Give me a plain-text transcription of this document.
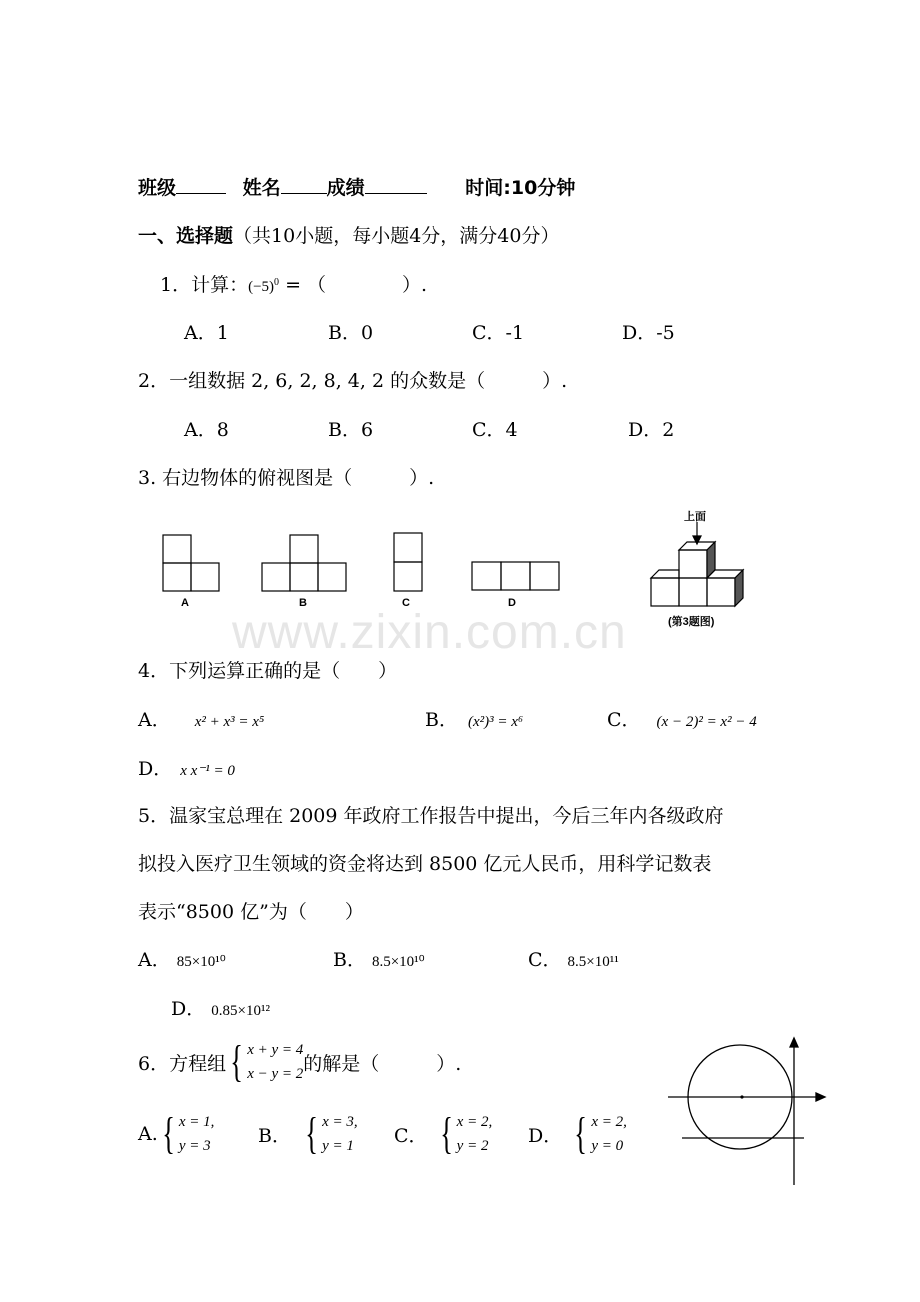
www.zixin.com.cn
班级	姓名 成绩	时间:10分钟
一、选择题（共10小题，每小题4分，满分40分）
1．计算：$(-5)^0$ = （　　　　）.
A．1	B．0	C．-1	D．-5
2．一组数据 2, 6, 2, 8, 4, 2 的众数是（　　　）.
A．8	B．6	C．4	D．2
3. 右边物体的俯视图是（　　　）.
A	B	C	D
上面
(第3题图)
4．下列运算正确的是（　　）
A． x² + x³ = x⁵	B． (x²)³ = x⁶	C． (x − 2)² = x² − 4
D． x x⁻¹ = 0
5．温家宝总理在 2009 年政府工作报告中提出，今后三年内各级政府
拟投入医疗卫生领域的资金将达到 8500 亿元人民币，用科学记数表
表示“8500 亿”为（　　）
A． 85×10¹⁰	B． 8.5×10¹⁰	C． 8.5×10¹¹
D． 0.85×10¹²
6．方程组 { x + y = 4
x − y = 2 的解是（　　　）.
A. { x = 1,
y = 3 B． { x = 3,
y = 1 C． { x = 2,
y = 2 D． { x = 2,
y = 0
